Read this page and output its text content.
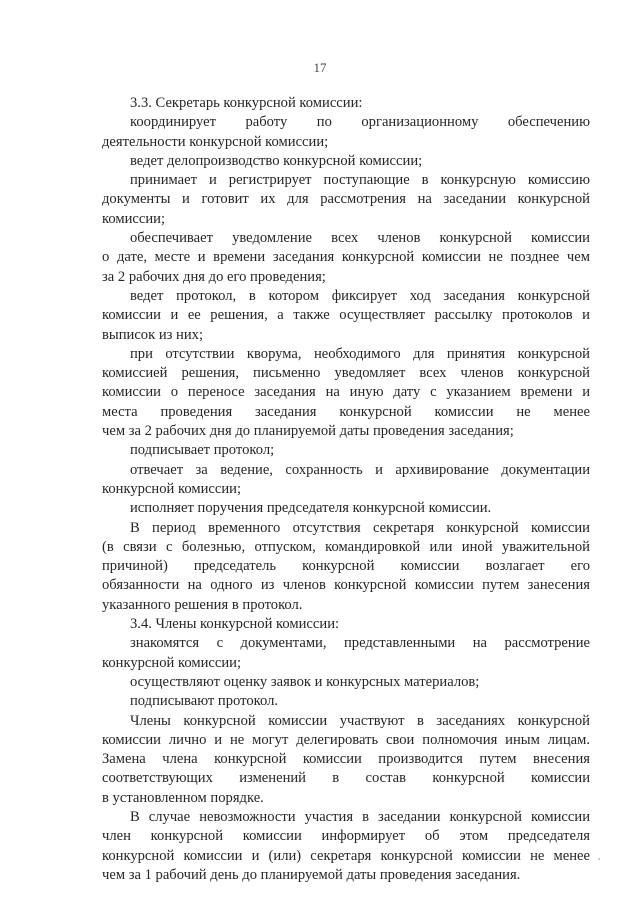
17
3.3. Секретарь конкурсной комиссии:
координирует работу по организационному обеспечению
деятельности конкурсной комиссии;
ведет делопроизводство конкурсной комиссии;
принимает и регистрирует поступающие в конкурсную комиссию
документы и готовит их для рассмотрения на заседании конкурсной
комиссии;
обеспечивает уведомление всех членов конкурсной комиссии
о дате, месте и времени заседания конкурсной комиссии не позднее чем
за 2 рабочих дня до его проведения;
ведет протокол, в котором фиксирует ход заседания конкурсной
комиссии и ее решения, а также осуществляет рассылку протоколов и
выписок из них;
при отсутствии кворума, необходимого для принятия конкурсной
комиссией решения, письменно уведомляет всех членов конкурсной
комиссии о переносе заседания на иную дату с указанием времени и
места проведения заседания конкурсной комиссии не менее
чем за 2 рабочих дня до планируемой даты проведения заседания;
подписывает протокол;
отвечает за ведение, сохранность и архивирование документации
конкурсной комиссии;
исполняет поручения председателя конкурсной комиссии.
В период временного отсутствия секретаря конкурсной комиссии
(в связи с болезнью, отпуском, командировкой или иной уважительной
причиной) председатель конкурсной комиссии возлагает его
обязанности на одного из членов конкурсной комиссии путем занесения
указанного решения в протокол.
3.4. Члены конкурсной комиссии:
знакомятся с документами, представленными на рассмотрение
конкурсной комиссии;
осуществляют оценку заявок и конкурсных материалов;
подписывают протокол.
Члены конкурсной комиссии участвуют в заседаниях конкурсной
комиссии лично и не могут делегировать свои полномочия иным лицам.
Замена члена конкурсной комиссии производится путем внесения
соответствующих изменений в состав конкурсной комиссии
в установленном порядке.
В случае невозможности участия в заседании конкурсной комиссии
член конкурсной комиссии информирует об этом председателя
конкурсной комиссии и (или) секретаря конкурсной комиссии не менее
чем за 1 рабочий день до планируемой даты проведения заседания.
